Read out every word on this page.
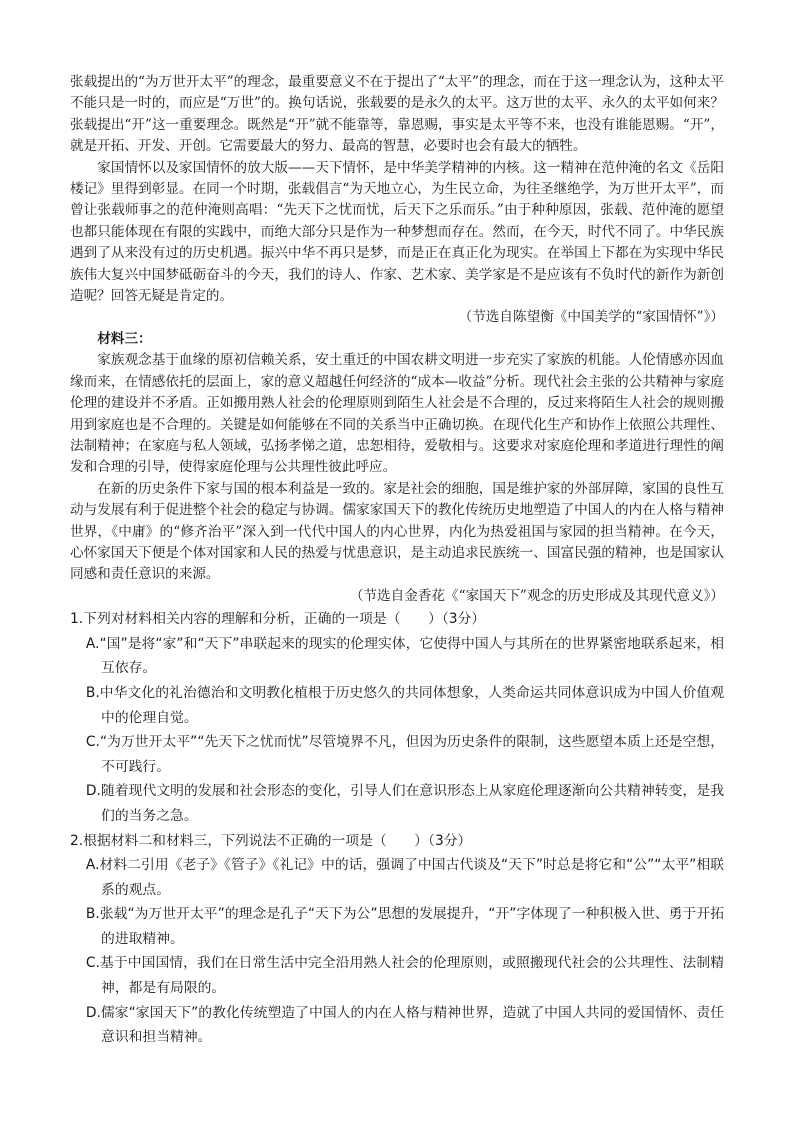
张载提出的“为万世开太平”的理念，最重要意义不在于提出了“太平”的理念，而在于这一理念认为，这种太平不能只是一时的，而应是“万世”的。换句话说，张载要的是永久的太平。这万世的太平、永久的太平如何来？张载提出“开”这一重要理念。既然是“开”就不能靠等，靠恩赐，事实是太平等不来，也没有谁能恩赐。“开”，就是开拓、开发、开创。它需要最大的努力、最高的智慧，必要时也会有最大的牺牲。

家国情怀以及家国情怀的放大版——天下情怀，是中华美学精神的内核。这一精神在范仲淹的名文《岳阳楼记》里得到彰显。在同一个时期，张载倡言“为天地立心，为生民立命，为往圣继绝学，为万世开太平”，而曾让张载师事之的范仲淹则高唱：“先天下之忧而忧，后天下之乐而乐。”由于种种原因，张载、范仲淹的愿望也都只能体现在有限的实践中，而绝大部分只是作为一种梦想而存在。然而，在今天，时代不同了。中华民族遇到了从来没有过的历史机遇。振兴中华不再只是梦，而是正在真正化为现实。在举国上下都在为实现中华民族伟大复兴中国梦砥砺奋斗的今天，我们的诗人、作家、艺术家、美学家是不是应该有不负时代的新作为新创造呢？回答无疑是肯定的。

（节选自陈望衡《中国美学的“家国情怀”》）

材料三：

家族观念基于血缘的原初信赖关系，安土重迁的中国农耕文明进一步充实了家族的机能。人伦情感亦因血缘而来，在情感依托的层面上，家的意义超越任何经济的“成本—收益”分析。现代社会主张的公共精神与家庭伦理的建设并不矛盾。正如搬用熟人社会的伦理原则到陌生人社会是不合理的，反过来将陌生人社会的规则搬用到家庭也是不合理的。关键是如何能够在不同的关系当中正确切换。在现代化生产和协作上依照公共理性、法制精神；在家庭与私人领域，弘扬孝悌之道，忠恕相待，爱敬相与。这要求对家庭伦理和孝道进行理性的阐发和合理的引导，使得家庭伦理与公共理性彼此呼应。

在新的历史条件下家与国的根本利益是一致的。家是社会的细胞，国是维护家的外部屏障，家国的良性互动与发展有利于促进整个社会的稳定与协调。儒家家国天下的教化传统历史地塑造了中国人的内在人格与精神世界，《中庸》的“修齐治平”深入到一代代中国人的内心世界，内化为热爱祖国与家园的担当精神。在今天，心怀家国天下便是个体对国家和人民的热爱与忧患意识，是主动追求民族统一、国富民强的精神，也是国家认同感和责任意识的来源。

（节选自金香花《“家国天下”观念的历史形成及其现代意义》）

1.下列对材料相关内容的理解和分析，正确的一项是（　　）（3分）

A.“国”是将“家”和“天下”串联起来的现实的伦理实体，它使得中国人与其所在的世界紧密地联系起来，相互依存。

B.中华文化的礼治德治和文明教化植根于历史悠久的共同体想象，人类命运共同体意识成为中国人价值观中的伦理自觉。

C.“为万世开太平”“先天下之忧而忧”尽管境界不凡，但因为历史条件的限制，这些愿望本质上还是空想，不可践行。

D.随着现代文明的发展和社会形态的变化，引导人们在意识形态上从家庭伦理逐渐向公共精神转变，是我们的当务之急。

2.根据材料二和材料三，下列说法不正确的一项是（　　）（3分）

A.材料二引用《老子》《管子》《礼记》中的话，强调了中国古代谈及“天下”时总是将它和“公”“太平”相联系的观点。

B.张载“为万世开太平”的理念是孔子“天下为公”思想的发展提升，“开”字体现了一种积极入世、勇于开拓的进取精神。

C.基于中国国情，我们在日常生活中完全沿用熟人社会的伦理原则，或照搬现代社会的公共理性、法制精神，都是有局限的。

D.儒家“家国天下”的教化传统塑造了中国人的内在人格与精神世界，造就了中国人共同的爱国情怀、责任意识和担当精神。
